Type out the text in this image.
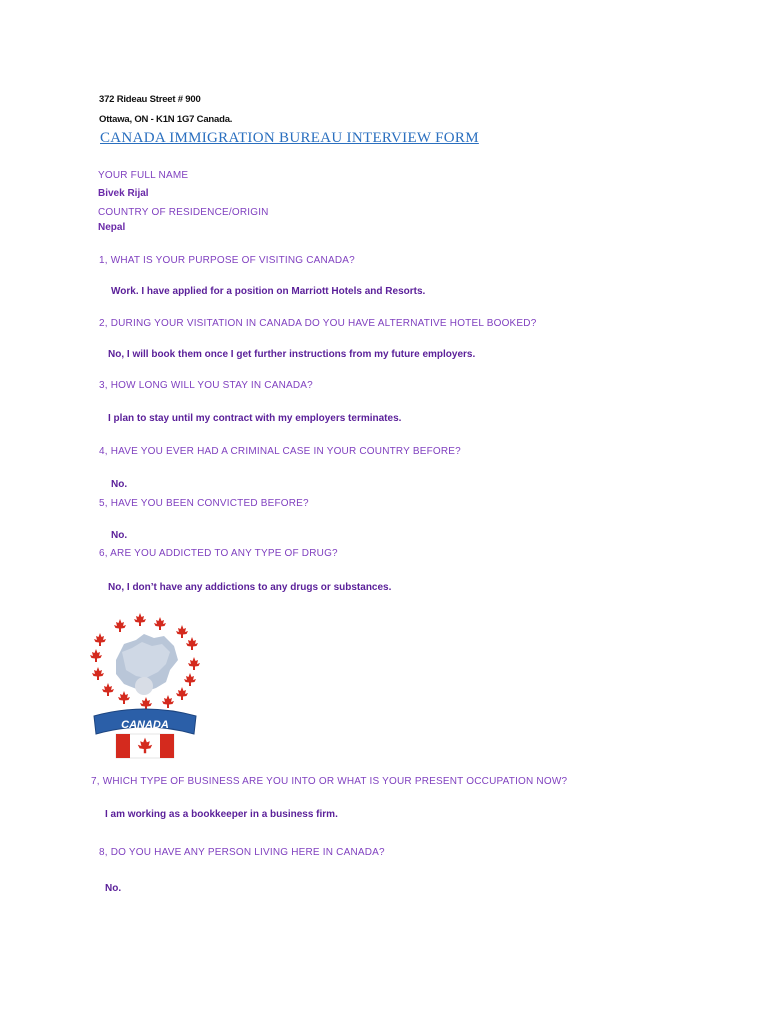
372 Rideau Street # 900
Ottawa, ON - K1N 1G7 Canada.
CANADA IMMIGRATION BUREAU INTERVIEW FORM
YOUR FULL NAME
Bivek Rijal
COUNTRY OF RESIDENCE/ORIGIN
Nepal
1, WHAT IS YOUR PURPOSE OF VISITING CANADA?
Work. I have applied for a position on Marriott Hotels and Resorts.
2, DURING YOUR VISITATION IN CANADA DO YOU HAVE ALTERNATIVE HOTEL BOOKED?
No, I will book them once I get further instructions from my future employers.
3, HOW LONG WILL YOU STAY IN CANADA?
I plan to stay until my contract with my employers terminates.
4, HAVE YOU EVER HAD A CRIMINAL CASE IN YOUR COUNTRY BEFORE?
No.
5, HAVE YOU BEEN CONVICTED BEFORE?
No.
6, ARE YOU ADDICTED TO ANY TYPE OF DRUG?
No, I don’t have any addictions to any drugs or substances.
CANADA
7, WHICH TYPE OF BUSINESS ARE YOU INTO OR WHAT IS YOUR PRESENT OCCUPATION NOW?
I am working as a bookkeeper in a business firm.
8, DO YOU HAVE ANY PERSON LIVING HERE IN CANADA?
No.
